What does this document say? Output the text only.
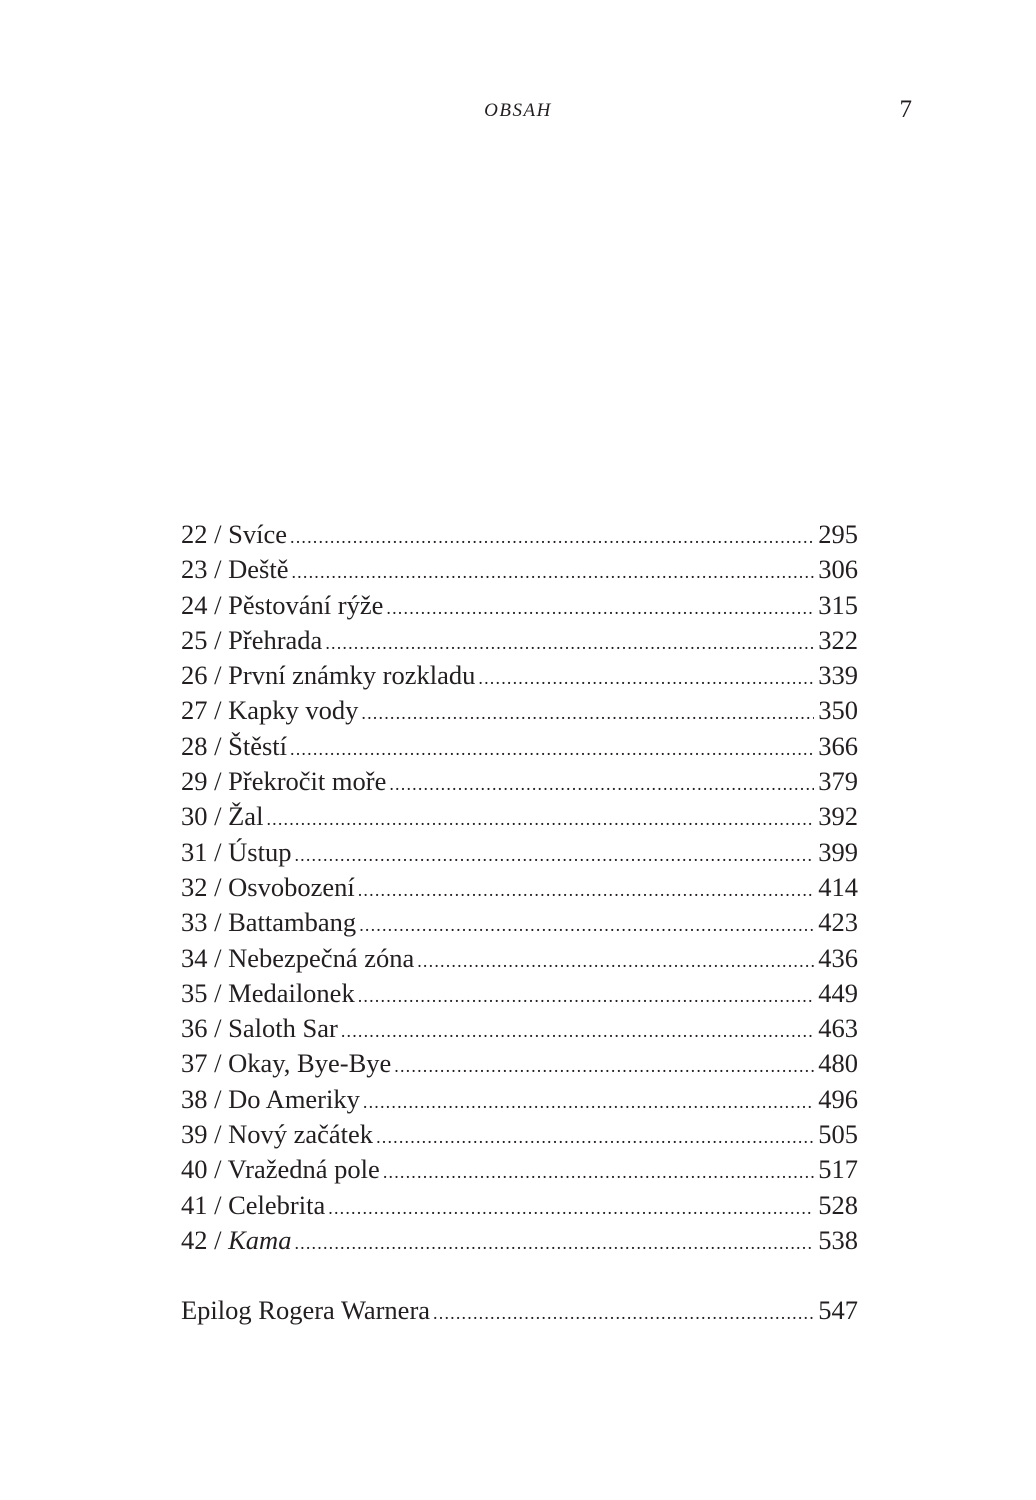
OBSAH	7
22 / Svíce .....	295
23 / Deště .....	306
24 / Pěstování rýže .....	315
25 / Přehrada .....	322
26 / První známky rozkladu .....	339
27 / Kapky vody .....	350
28 / Štěstí .....	366
29 / Překročit moře .....	379
30 / Žal .....	392
31 / Ústup .....	399
32 / Osvobození .....	414
33 / Battambang .....	423
34 / Nebezpečná zóna .....	436
35 / Medailonek .....	449
36 / Saloth Sar .....	463
37 / Okay, Bye-Bye .....	480
38 / Do Ameriky .....	496
39 / Nový začátek .....	505
40 / Vražedná pole .....	517
41 / Celebrita .....	528
42 / Kama .....	538
Epilog Rogera Warnera .....	547
